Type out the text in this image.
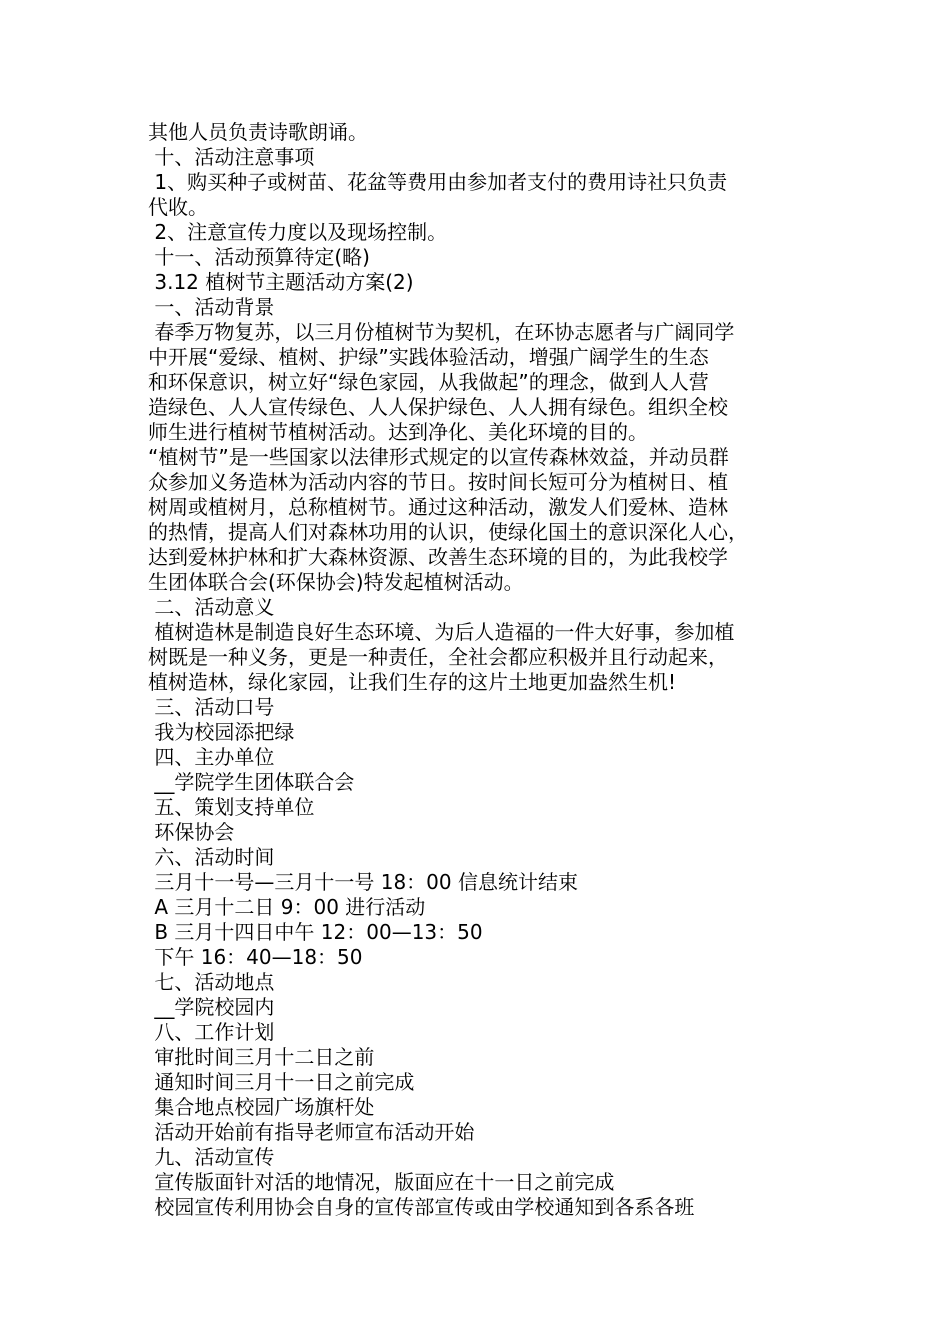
其他人员负责诗歌朗诵。
十、活动注意事项
1、购买种子或树苗、花盆等费用由参加者支付的费用诗社只负责
代收。
2、注意宣传力度以及现场控制。
十一、活动预算待定(略)
3.12 植树节主题活动方案(2)
一、活动背景
春季万物复苏，以三月份植树节为契机，在环协志愿者与广阔同学
中开展“爱绿、植树、护绿”实践体验活动，增强广阔学生的生态
和环保意识，树立好“绿色家园，从我做起”的理念，做到人人营
造绿色、人人宣传绿色、人人保护绿色、人人拥有绿色。组织全校
师生进行植树节植树活动。达到净化、美化环境的目的。
“植树节”是一些国家以法律形式规定的以宣传森林效益，并动员群
众参加义务造林为活动内容的节日。按时间长短可分为植树日、植
树周或植树月，总称植树节。通过这种活动，激发人们爱林、造林
的热情，提高人们对森林功用的认识，使绿化国土的意识深化人心，
达到爱林护林和扩大森林资源、改善生态环境的目的，为此我校学
生团体联合会(环保协会)特发起植树活动。
二、活动意义
植树造林是制造良好生态环境、为后人造福的一件大好事，参加植
树既是一种义务，更是一种责任，全社会都应积极并且行动起来，
植树造林，绿化家园，让我们生存的这片土地更加盎然生机!
三、活动口号
我为校园添把绿
四、主办单位
__学院学生团体联合会
五、策划支持单位
环保协会
六、活动时间
三月十一号—三月十一号 18：00 信息统计结束
A 三月十二日 9：00 进行活动
B 三月十四日中午 12：00—13：50
下午 16：40—18：50
七、活动地点
__学院校园内
八、工作计划
审批时间三月十二日之前
通知时间三月十一日之前完成
集合地点校园广场旗杆处
活动开始前有指导老师宣布活动开始
九、活动宣传
宣传版面针对活的地情况，版面应在十一日之前完成
校园宣传利用协会自身的宣传部宣传或由学校通知到各系各班
